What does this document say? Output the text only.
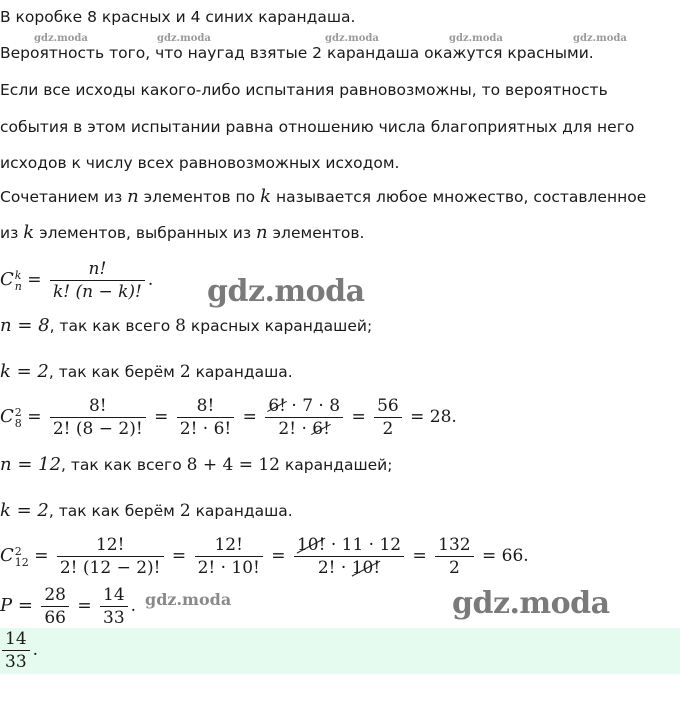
gdz.moda	gdz.moda	gdz.moda	gdz.moda	gdz.moda
В коробке 8 красных и 4 синих карандаша.
Вероятность того, что наугад взятые 2 карандаша окажутся красными.
Если все исходы какого-либо испытания равновозможны, то вероятность
события в этом испытании равна отношению числа благоприятных для него
исходов к числу всех равновозможных исходом.
Сочетанием из n элементов по k называется любое множество, составленное
из k элементов, выбранных из n элементов.
C k
$n = \frac{n!}{k! (n - k)!}$ . gdz.moda
n = 8, так как всего 8 красных карандашей;
k = 2, так как берём 2 карандаша.
C 2
$8 = \frac{8!}{2! (8 - 2)!} = \frac{8!}{2! \cdot 6!} = \frac{6! \cdot 7 \cdot 8}{2! \cdot 6!} = \frac{56}{2} = 28$.
n = 12, так как всего 8 + 4 = 12 карандашей;
k = 2, так как берём 2 карандаша.
C 2
$12 = \frac{12!}{2! (12 - 2)!} = \frac{12!}{2! \cdot 10!} = \frac{10! \cdot 11 \cdot 12}{2! \cdot 10!} = \frac{132}{2} = 66$.
$P = \frac{28}{66} = \frac{14}{33}$ . gdz.moda	gdz.moda
$\frac{14}{33}$ .
